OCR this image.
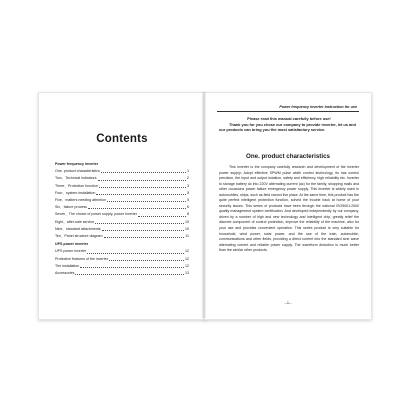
Contents
Power frequency inverter
One. product characteristics	1
Two、Technical indicators	2
Three、Protection function	3
Four、system installation	5
Five、matters needing attention	5
Six、failure process	6
Seven、The choice of power supply, power inverter	8
Eight、after-sale service	10
Nine、standard attachments	10
Ten、Panel structure diagram	11
UPS power inverter
UPS power inverter	12
Protective features of the inverter	12
The installation	12
Accessories	13
Power frequency inverter Instruction for use
Please read this manual carefully before use!
Thank you for you chose our company to provide inverter, let us and our products can bring you the most satisfactory service.
One. product characteristics
This inverter is the company carefully research and development of the inverter power supply; Adopt effective SPWM pulse width control technology, its has control precision, the input and output isolation, safety and efficiency, high reliability etc. Inverter to storage battery dc into 220V alternating current (ac) for the family, shopping malls and other occasions power failure emergency power supply. This inverter is widely used in automobiles, ships, such as field cannot live place. At the same time, this product has the quite perfect intelligent protection function, solved the trouble back at home of your security issues. This series of products have been through the national ISO9001:2000 quality management system certification. And developed independently by our company, driven by a number of high and new technology and intelligent chip, greatly relief the discrete component of control protection, improve the reliability of the machine, also for your use and provides convenient operation. This series product is very suitable for household, wind power, solar power, and the use of the train, automobile, communications and other fields, providing a direct current into the standard sine wave alternating current and reliable power supply. The waveform distortion is much better than the similar other products.
--1--
